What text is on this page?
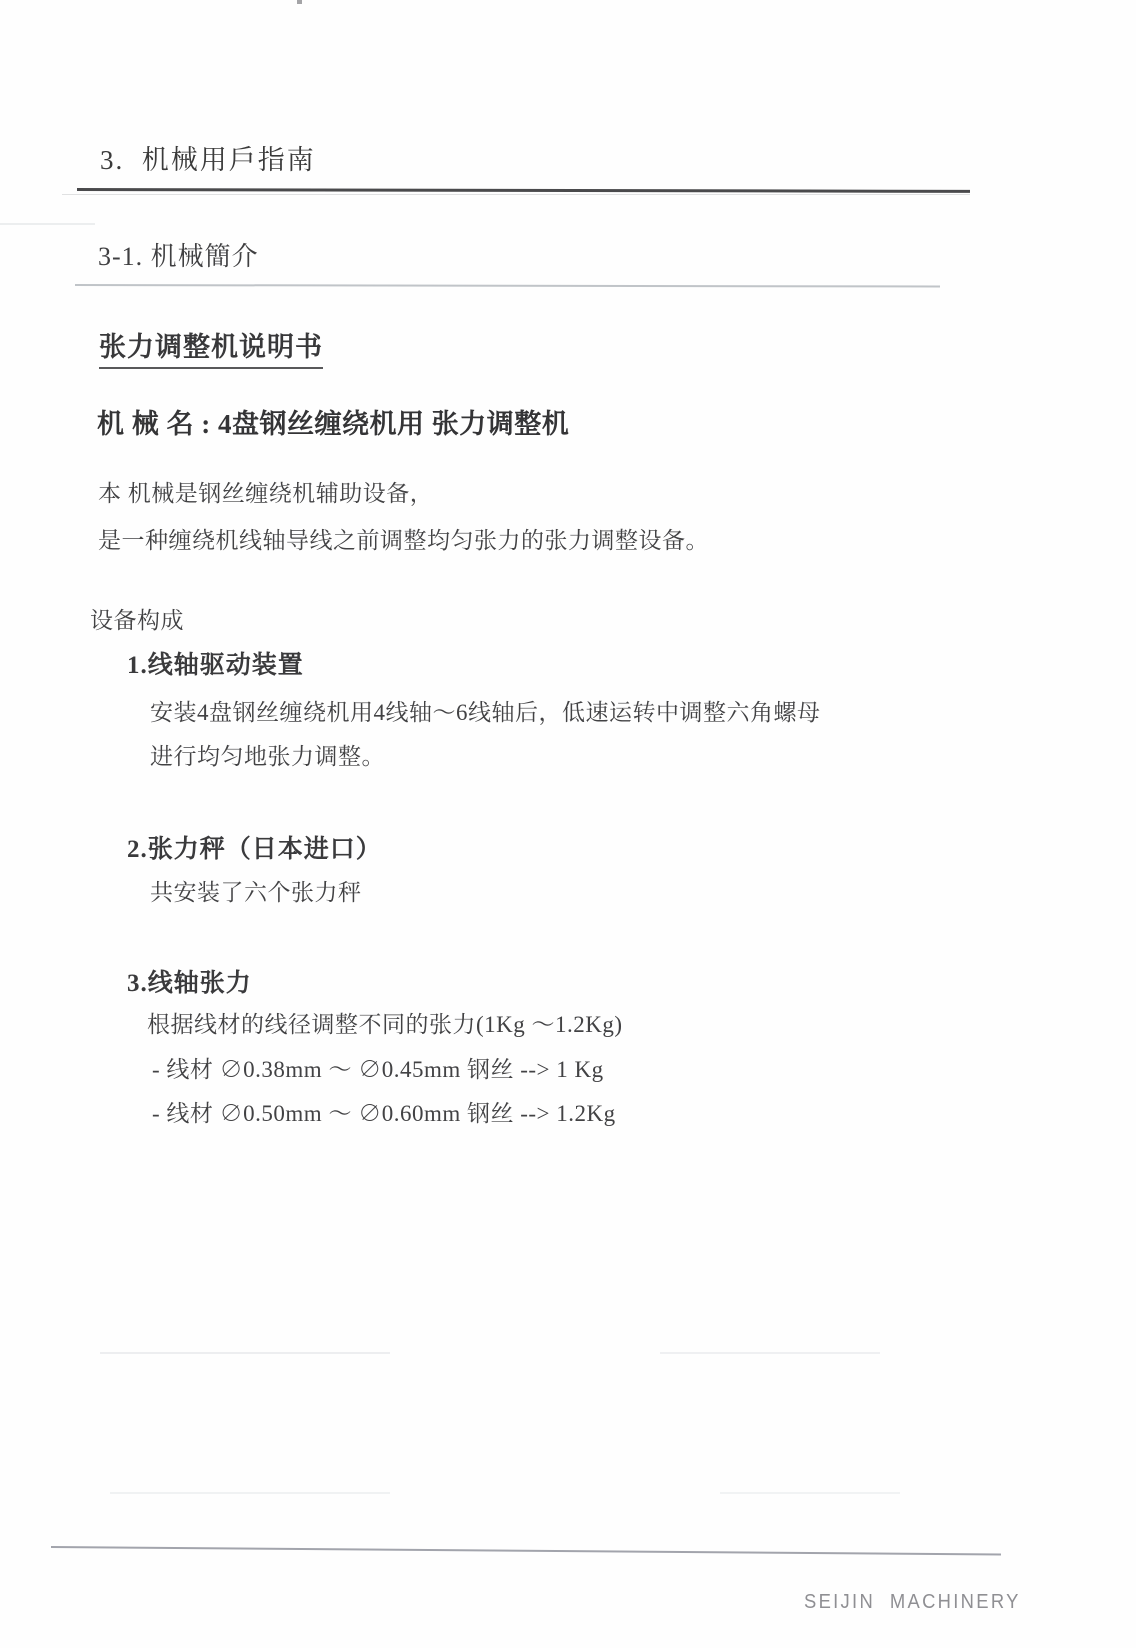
3.  机械用戶指南
3-1. 机械簡介
张力调整机说明书
机 械 名 : 4盘钢丝缠绕机用 张力调整机
本 机械是钢丝缠绕机辅助设备，
是一种缠绕机线轴导线之前调整均匀张力的张力调整设备。
设备构成
1.线轴驱动装置
安装4盘钢丝缠绕机用4线轴～6线轴后，低速运转中调整六角螺母
进行均匀地张力调整。
2.张力秤（日本进口）
共安装了六个张力秤
3.线轴张力
根据线材的线径调整不同的张力(1Kg ～1.2Kg)
- 线材 ∅0.38mm ～ ∅0.45mm 钢丝 --> 1 Kg
- 线材 ∅0.50mm ～ ∅0.60mm 钢丝 --> 1.2Kg
SEIJIN  MACHINERY
